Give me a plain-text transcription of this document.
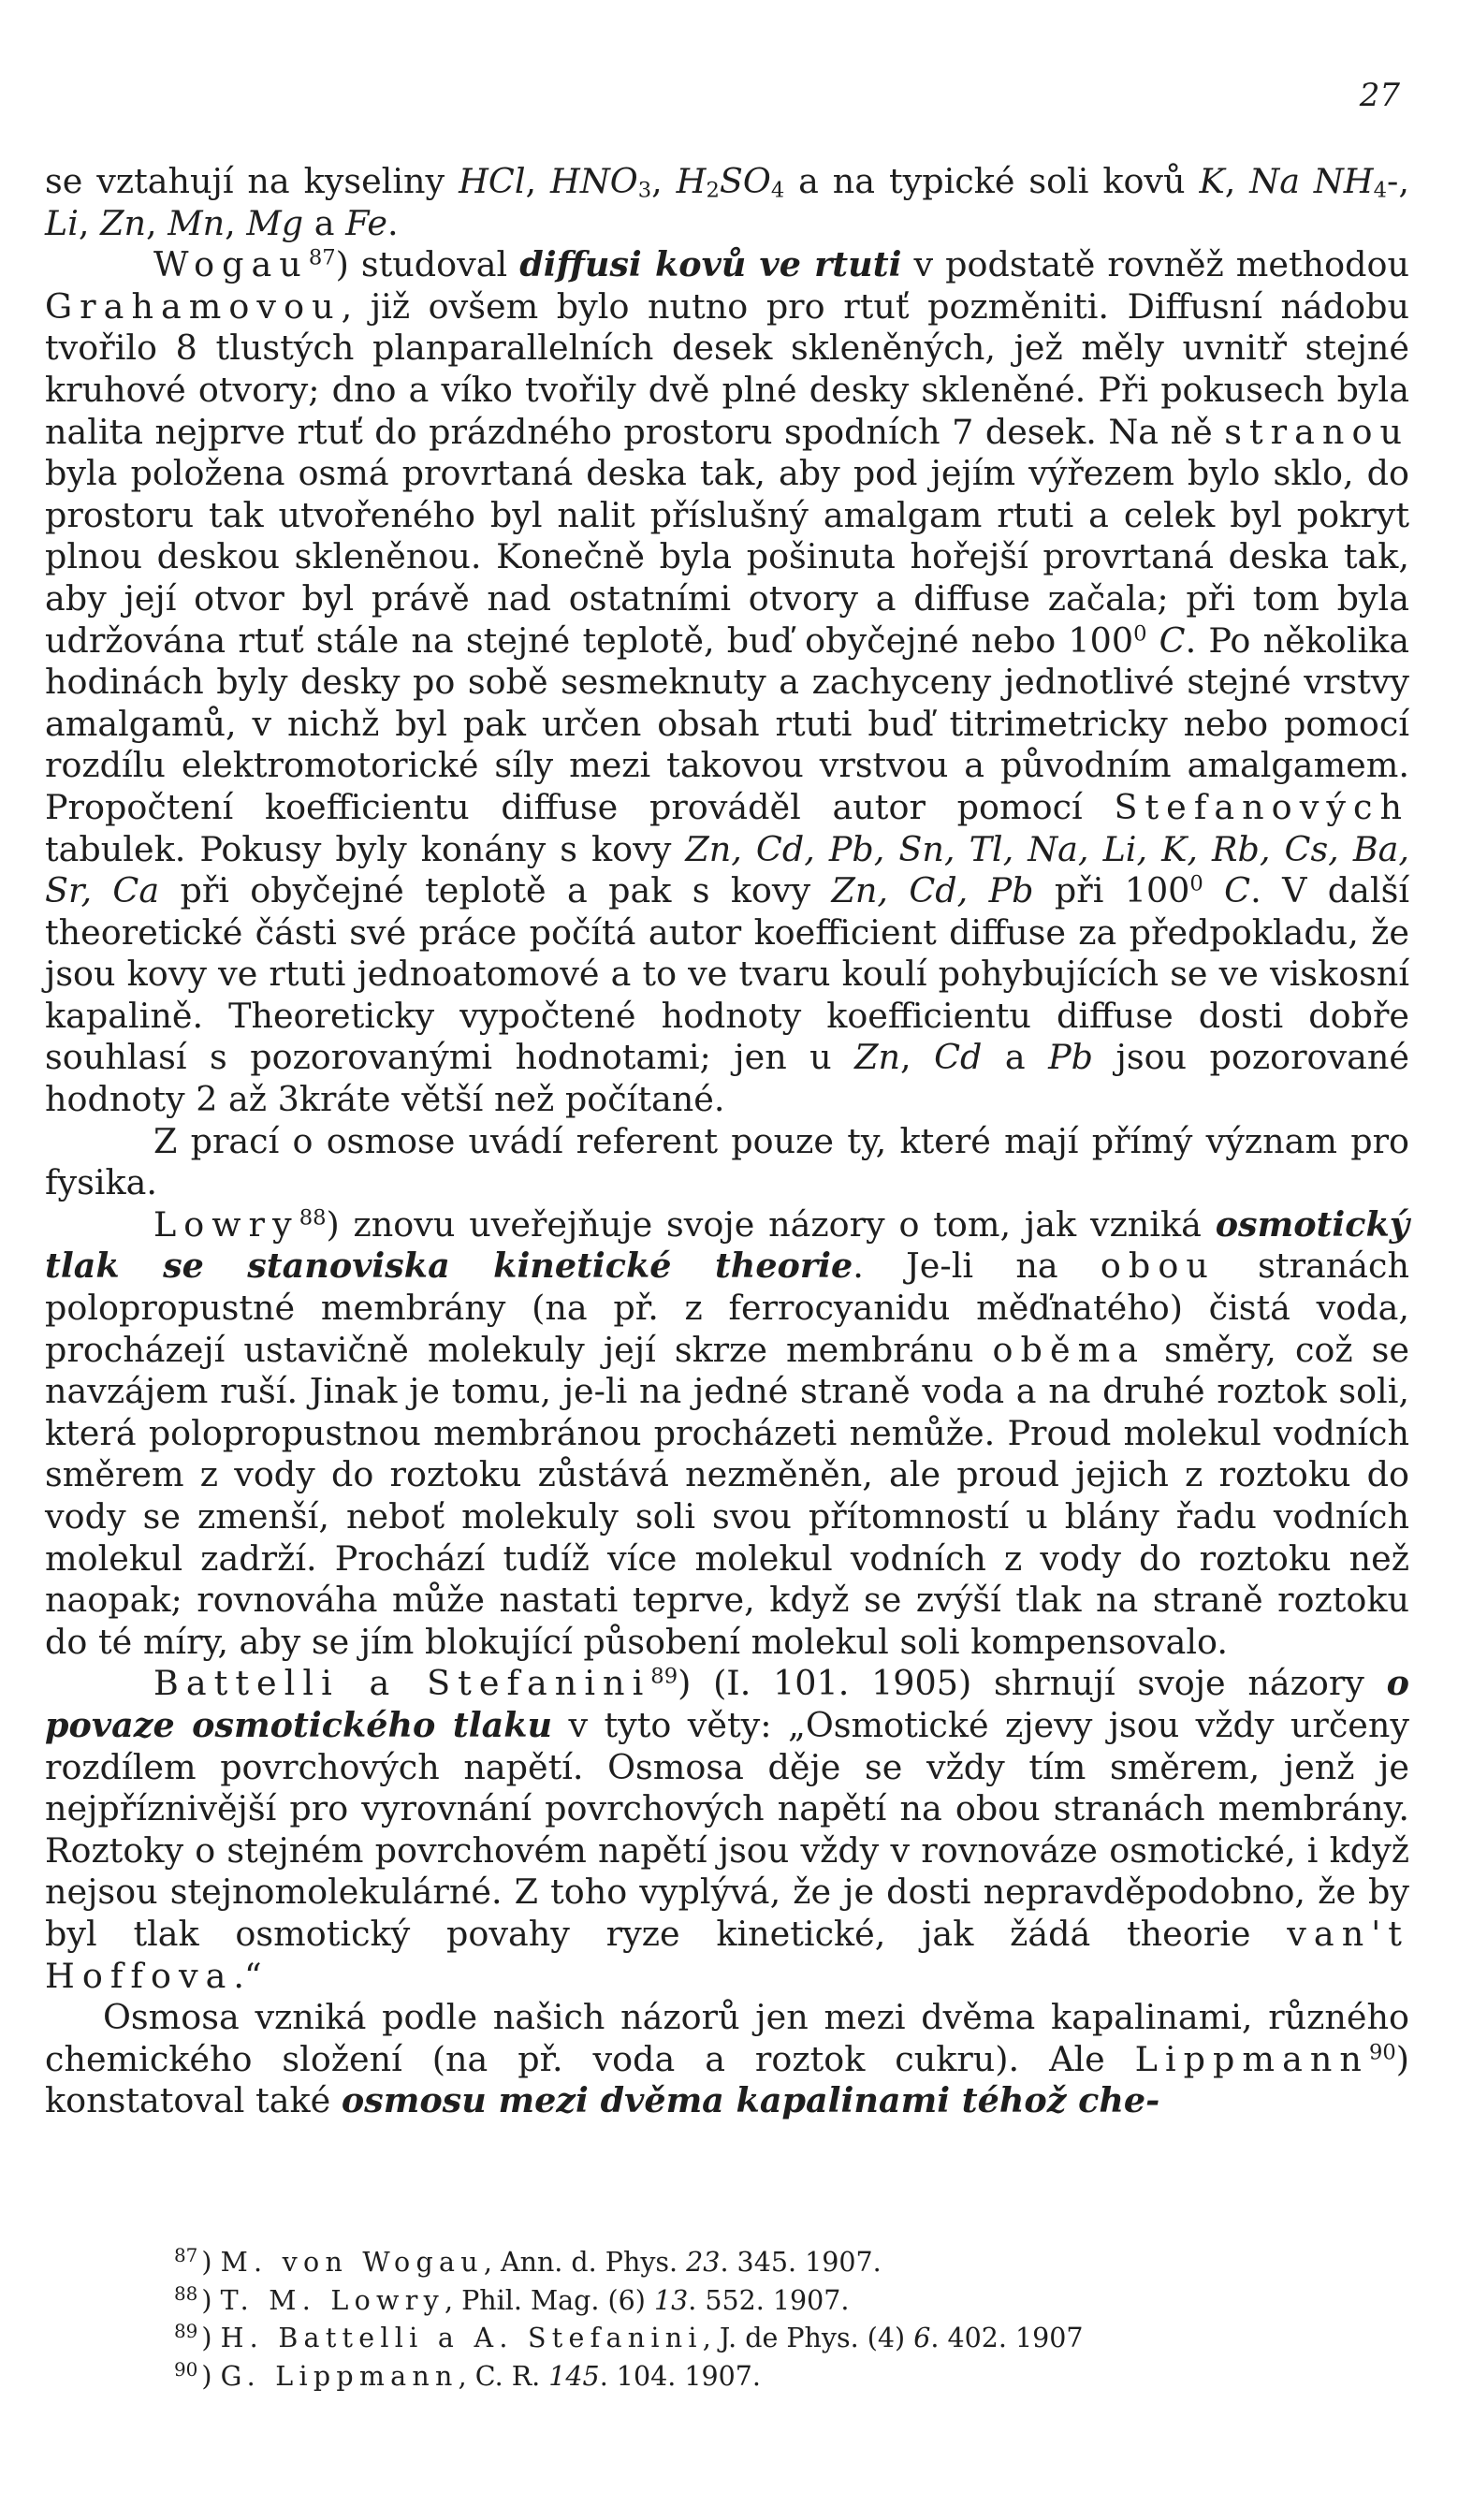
27

se vztahují na kyseliny HCl, $HNO_3$, $H_2SO_4$ a na typické soli kovů K, Na $NH_4-$, Li, Zn, Mn, Mg a Fe.

Wogau$^{87}$) studoval diffusi kovů ve rtuti v podstatě rovněž methodou Grahamovou, již ovšem bylo nutno pro rtuť pozměniti. Diffusní nádobu tvořilo 8 tlustých planparallelních desek skleněných, jež měly uvnitř stejné kruhové otvory; dno a víko tvořily dvě plné desky skleněné. Při pokusech byla nalita nejprve rtuť do prázdného prostoru spodních 7 desek. Na ně stranou byla položena osmá provrtaná deska tak, aby pod jejím výřezem bylo sklo, do prostoru tak utvořeného byl nalit příslušný amalgam rtuti a celek byl pokryt plnou deskou skleněnou. Konečně byla pošinuta hořejší provrtaná deska tak, aby její otvor byl právě nad ostatními otvory a diffuse začala; při tom byla udržována rtuť stále na stejné teplotě, buď obyčejné nebo $100^0$ C. Po několika hodinách byly desky po sobě sesmeknuty a zachyceny jednotlivé stejné vrstvy amalgamů, v nichž byl pak určen obsah rtuti buď titrimetricky nebo pomocí rozdílu elektromotorické síly mezi takovou vrstvou a původním amalgamem. Propočtení koefficientu diffuse prováděl autor pomocí Stefanových tabulek. Pokusy byly konány s kovy Zn, Cd, Pb, Sn, Tl, Na, Li, K, Rb, Cs, Ba, Sr, Ca při obyčejné teplotě a pak s kovy Zn, Cd, Pb při $100^0$ C. V další theoretické části své práce počítá autor koefficient diffuse za předpokladu, že jsou kovy ve rtuti jednoatomové a to ve tvaru koulí pohybujících se ve viskosní kapalině. Theoreticky vypočtené hodnoty koefficientu diffuse dosti dobře souhlasí s pozorovanými hodnotami; jen u Zn, Cd a Pb jsou pozorované hodnoty 2 až 3kráte větší než počítané.

Z prací o osmose uvádí referent pouze ty, které mají přímý význam pro fysika.

Lowry$^{88}$) znovu uveřejňuje svoje názory o tom, jak vzniká osmotický tlak se stanoviska kinetické theorie. Je-li na obou stranách polopropustné membrány (na př. z ferrocyanidu měďnatého) čistá voda, procházejí ustavičně molekuly její skrze membránu oběma směry, což se navzájem ruší. Jinak je tomu, je-li na jedné straně voda a na druhé roztok soli, která polopropustnou membránou procházeti nemůže. Proud molekul vodních směrem z vody do roztoku zůstává nezměněn, ale proud jejich z roztoku do vody se zmenší, neboť molekuly soli svou přítomností u blány řadu vodních molekul zadrží. Prochází tudíž více molekul vodních z vody do roztoku než naopak; rovnováha může nastati teprve, když se zvýší tlak na straně roztoku do té míry, aby se jím blokující působení molekul soli kompensovalo.

Battelli a Stefanini$^{89}$) (I. 101. 1905) shrnují svoje názory o povaze osmotického tlaku v tyto věty: „Osmotické zjevy jsou vždy určeny rozdílem povrchových napětí. Osmosa děje se vždy tím směrem, jenž je nejpříznivější pro vyrovnání povrchových napětí na obou stranách membrány. Roztoky o stejném povrchovém napětí jsou vždy v rovnováze osmotické, i když nejsou stejnomolekulárné. Z toho vyplývá, že je dosti nepravděpodobno, že by byl tlak osmotický povahy ryze kinetické, jak žádá theorie van't Hoffova.“

Osmosa vzniká podle našich názorů jen mezi dvěma kapalinami, různého chemického složení (na př. voda a roztok cukru). Ale Lippmann$^{90}$) konstatoval také osmosu mezi dvěma kapalinami téhož che-

$^{87}$ ) M. von Wogau, Ann. d. Phys. 23. 345. 1907.
$^{88}$ ) T. M. Lowry, Phil. Mag. (6) 13. 552. 1907.
$^{89}$ ) H. Battelli a A. Stefanini, J. de Phys. (4) 6. 402. 1907
$^{90}$ ) G. Lippmann, C. R. 145. 104. 1907.
